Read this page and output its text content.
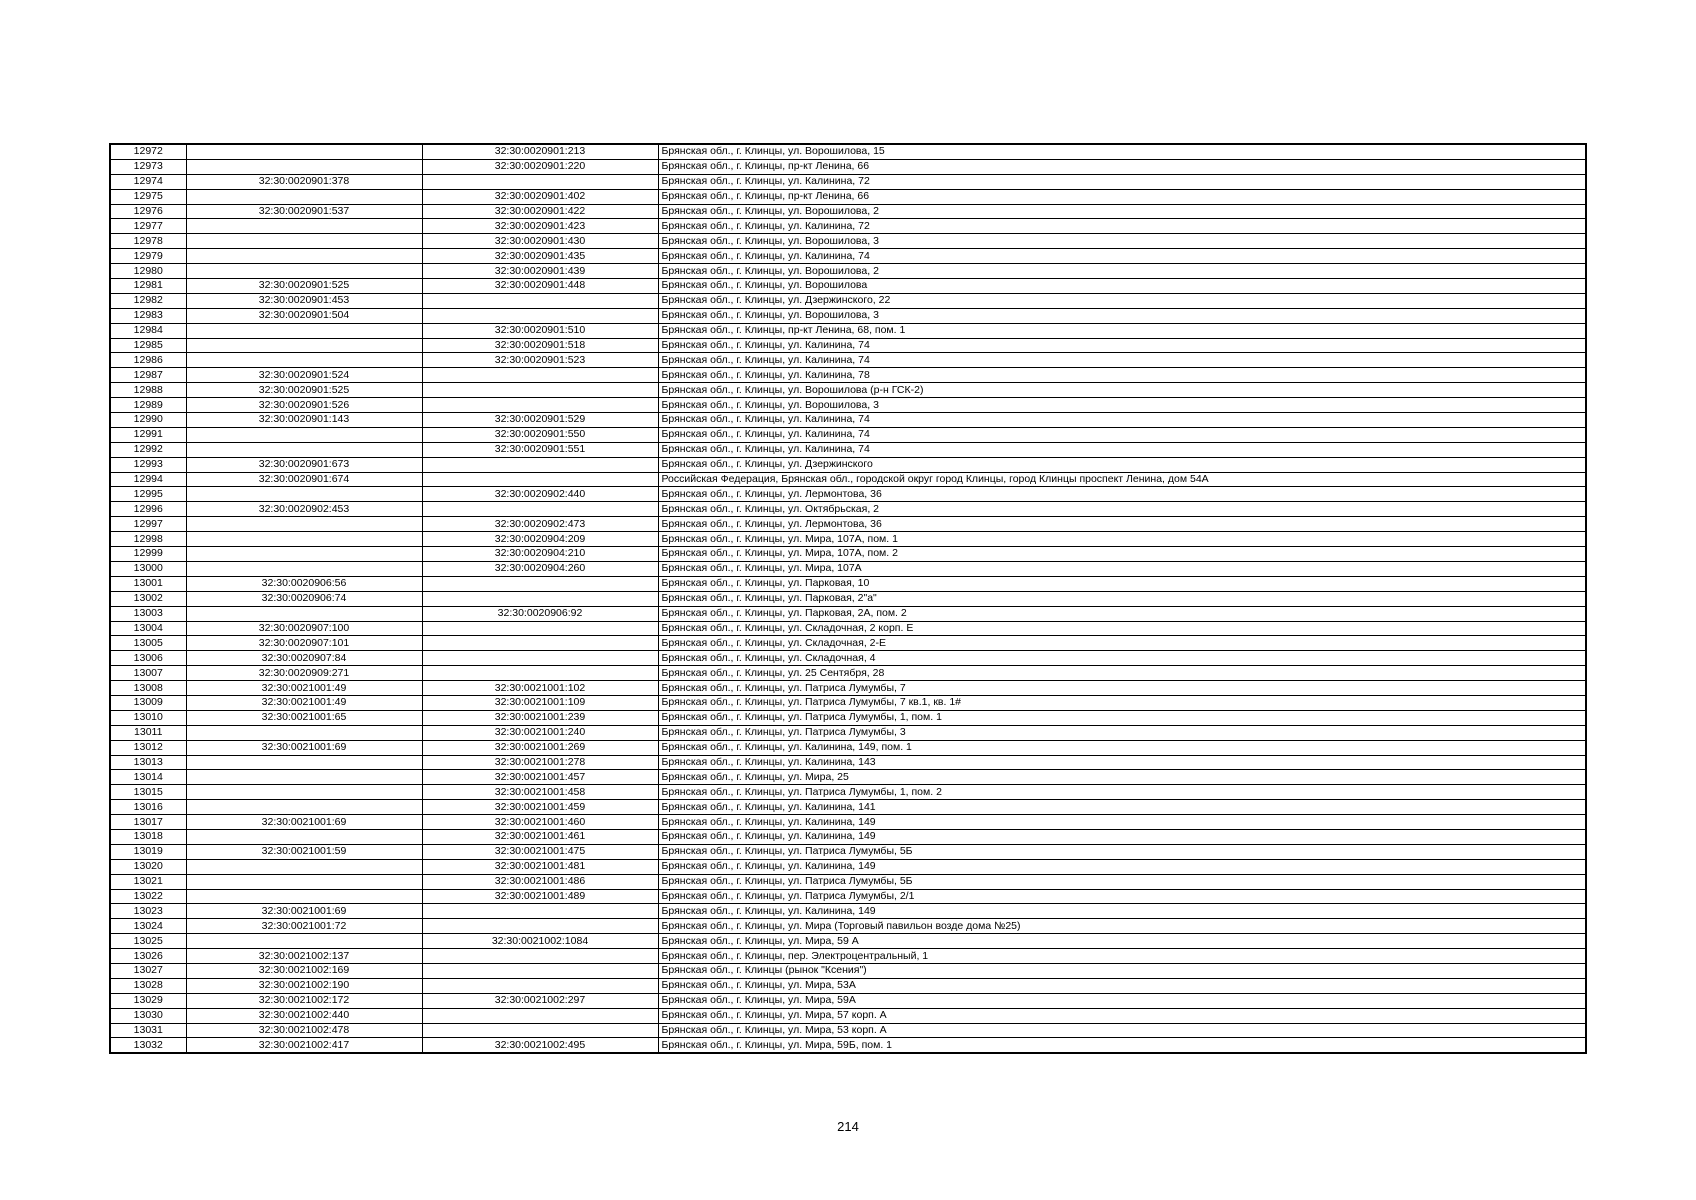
12972		32:30:0020901:213	Брянская обл., г. Клинцы, ул. Ворошилова, 15
12973		32:30:0020901:220	Брянская обл., г. Клинцы, пр-кт Ленина, 66
12974	32:30:0020901:378		Брянская обл., г. Клинцы, ул. Калинина, 72
12975		32:30:0020901:402	Брянская обл., г. Клинцы, пр-кт Ленина, 66
12976	32:30:0020901:537	32:30:0020901:422	Брянская обл., г. Клинцы, ул. Ворошилова, 2
12977		32:30:0020901:423	Брянская обл., г. Клинцы, ул. Калинина, 72
12978		32:30:0020901:430	Брянская обл., г. Клинцы, ул. Ворошилова, 3
12979		32:30:0020901:435	Брянская обл., г. Клинцы, ул. Калинина, 74
12980		32:30:0020901:439	Брянская обл., г. Клинцы, ул. Ворошилова, 2
12981	32:30:0020901:525	32:30:0020901:448	Брянская обл., г. Клинцы, ул. Ворошилова
12982	32:30:0020901:453		Брянская обл., г. Клинцы, ул. Дзержинского, 22
12983	32:30:0020901:504		Брянская обл., г. Клинцы, ул. Ворошилова, 3
12984		32:30:0020901:510	Брянская обл., г. Клинцы, пр-кт Ленина, 68, пом. 1
12985		32:30:0020901:518	Брянская обл., г. Клинцы, ул. Калинина, 74
12986		32:30:0020901:523	Брянская обл., г. Клинцы, ул. Калинина, 74
12987	32:30:0020901:524		Брянская обл., г. Клинцы, ул. Калинина, 78
12988	32:30:0020901:525		Брянская обл., г. Клинцы, ул. Ворошилова (р-н ГСК-2)
12989	32:30:0020901:526		Брянская обл., г. Клинцы, ул. Ворошилова, 3
12990	32:30:0020901:143	32:30:0020901:529	Брянская обл., г. Клинцы, ул. Калинина, 74
12991		32:30:0020901:550	Брянская обл., г. Клинцы, ул. Калинина, 74
12992		32:30:0020901:551	Брянская обл., г. Клинцы, ул. Калинина, 74
12993	32:30:0020901:673		Брянская обл., г. Клинцы, ул. Дзержинского
12994	32:30:0020901:674		Российская Федерация, Брянская обл., городской округ город Клинцы, город Клинцы проспект Ленина, дом 54А
12995		32:30:0020902:440	Брянская обл., г. Клинцы, ул. Лермонтова, 36
12996	32:30:0020902:453		Брянская обл., г. Клинцы, ул. Октябрьская, 2
12997		32:30:0020902:473	Брянская обл., г. Клинцы, ул. Лермонтова, 36
12998		32:30:0020904:209	Брянская обл., г. Клинцы, ул. Мира, 107А, пом. 1
12999		32:30:0020904:210	Брянская обл., г. Клинцы, ул. Мира, 107А, пом. 2
13000		32:30:0020904:260	Брянская обл., г. Клинцы, ул. Мира, 107А
13001	32:30:0020906:56		Брянская обл., г. Клинцы, ул. Парковая, 10
13002	32:30:0020906:74		Брянская обл., г. Клинцы, ул. Парковая, 2"а"
13003		32:30:0020906:92	Брянская обл., г. Клинцы, ул. Парковая, 2А, пом. 2
13004	32:30:0020907:100		Брянская обл., г. Клинцы, ул. Складочная, 2 корп. Е
13005	32:30:0020907:101		Брянская обл., г. Клинцы, ул. Складочная, 2-Е
13006	32:30:0020907:84		Брянская обл., г. Клинцы, ул. Складочная, 4
13007	32:30:0020909:271		Брянская обл., г. Клинцы, ул. 25 Сентября, 28
13008	32:30:0021001:49	32:30:0021001:102	Брянская обл., г. Клинцы, ул. Патриса Лумумбы, 7
13009	32:30:0021001:49	32:30:0021001:109	Брянская обл., г. Клинцы, ул. Патриса Лумумбы, 7 кв.1, кв. 1#
13010	32:30:0021001:65	32:30:0021001:239	Брянская обл., г. Клинцы, ул. Патриса Лумумбы, 1, пом. 1
13011		32:30:0021001:240	Брянская обл., г. Клинцы, ул. Патриса Лумумбы, 3
13012	32:30:0021001:69	32:30:0021001:269	Брянская обл., г. Клинцы, ул. Калинина, 149, пом. 1
13013		32:30:0021001:278	Брянская обл., г. Клинцы, ул. Калинина, 143
13014		32:30:0021001:457	Брянская обл., г. Клинцы, ул. Мира, 25
13015		32:30:0021001:458	Брянская обл., г. Клинцы, ул. Патриса Лумумбы, 1, пом. 2
13016		32:30:0021001:459	Брянская обл., г. Клинцы, ул. Калинина, 141
13017	32:30:0021001:69	32:30:0021001:460	Брянская обл., г. Клинцы, ул. Калинина, 149
13018		32:30:0021001:461	Брянская обл., г. Клинцы, ул. Калинина, 149
13019	32:30:0021001:59	32:30:0021001:475	Брянская обл., г. Клинцы, ул. Патриса Лумумбы, 5Б
13020		32:30:0021001:481	Брянская обл., г. Клинцы, ул. Калинина, 149
13021		32:30:0021001:486	Брянская обл., г. Клинцы, ул. Патриса Лумумбы, 5Б
13022		32:30:0021001:489	Брянская обл., г. Клинцы, ул. Патриса Лумумбы, 2/1
13023	32:30:0021001:69		Брянская обл., г. Клинцы, ул. Калинина, 149
13024	32:30:0021001:72		Брянская обл., г. Клинцы, ул. Мира (Торговый павильон возде дома №25)
13025		32:30:0021002:1084	Брянская обл., г. Клинцы, ул. Мира, 59 А
13026	32:30:0021002:137		Брянская обл., г. Клинцы, пер. Электроцентральный, 1
13027	32:30:0021002:169		Брянская обл., г. Клинцы (рынок "Ксения")
13028	32:30:0021002:190		Брянская обл., г. Клинцы, ул. Мира, 53А
13029	32:30:0021002:172	32:30:0021002:297	Брянская обл., г. Клинцы, ул. Мира, 59А
13030	32:30:0021002:440		Брянская обл., г. Клинцы, ул. Мира, 57 корп. А
13031	32:30:0021002:478		Брянская обл., г. Клинцы, ул. Мира, 53 корп. А
13032	32:30:0021002:417	32:30:0021002:495	Брянская обл., г. Клинцы, ул. Мира, 59Б, пом. 1
214
